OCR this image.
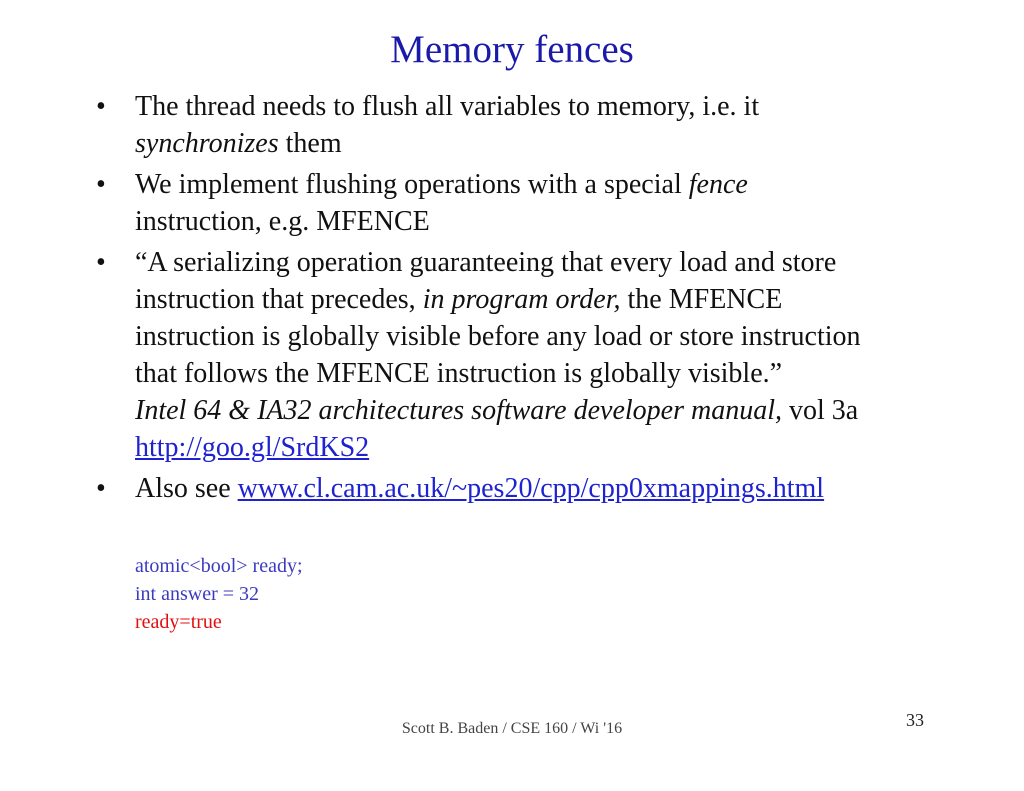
Memory fences
•	The thread needs to flush all variables to memory, i.e. it
synchronizes them
•	We implement flushing operations with a special fence
instruction, e.g. MFENCE
•	“A serializing operation guaranteeing that every load and store
instruction that precedes, in program order, the MFENCE
instruction is globally visible before any load or store instruction
that follows the MFENCE instruction is globally visible.”
Intel 64 & IA32 architectures software developer manual, vol 3a
http://goo.gl/SrdKS2
•	Also see www.cl.cam.ac.uk/~pes20/cpp/cpp0xmappings.html
atomic<bool> ready;
int answer = 32
ready=true
Scott B. Baden / CSE 160 / Wi '16	33
